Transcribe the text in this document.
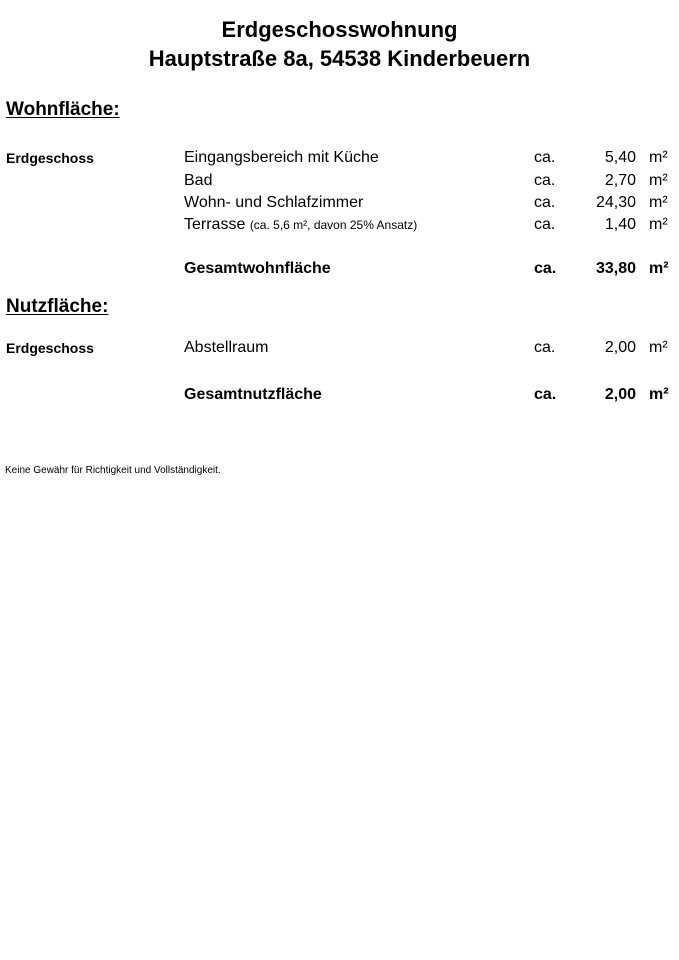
Erdgeschosswohnung
Hauptstraße 8a, 54538 Kinderbeuern
Wohnfläche:
Erdgeschoss	Eingangsbereich mit Küche	ca.	5,40 m²
Bad	ca.	2,70 m²
Wohn- und Schlafzimmer	ca.	24,30 m²
Terrasse (ca. 5,6 m², davon 25% Ansatz)	ca.	1,40 m²
Gesamtwohnfläche	ca. 33,80 m²
Nutzfläche:
Erdgeschoss	Abstellraum	ca.	2,00 m²
Gesamtnutzfläche	ca.	2,00 m²
Keine Gewähr für Richtigkeit und Vollständigkeit.
